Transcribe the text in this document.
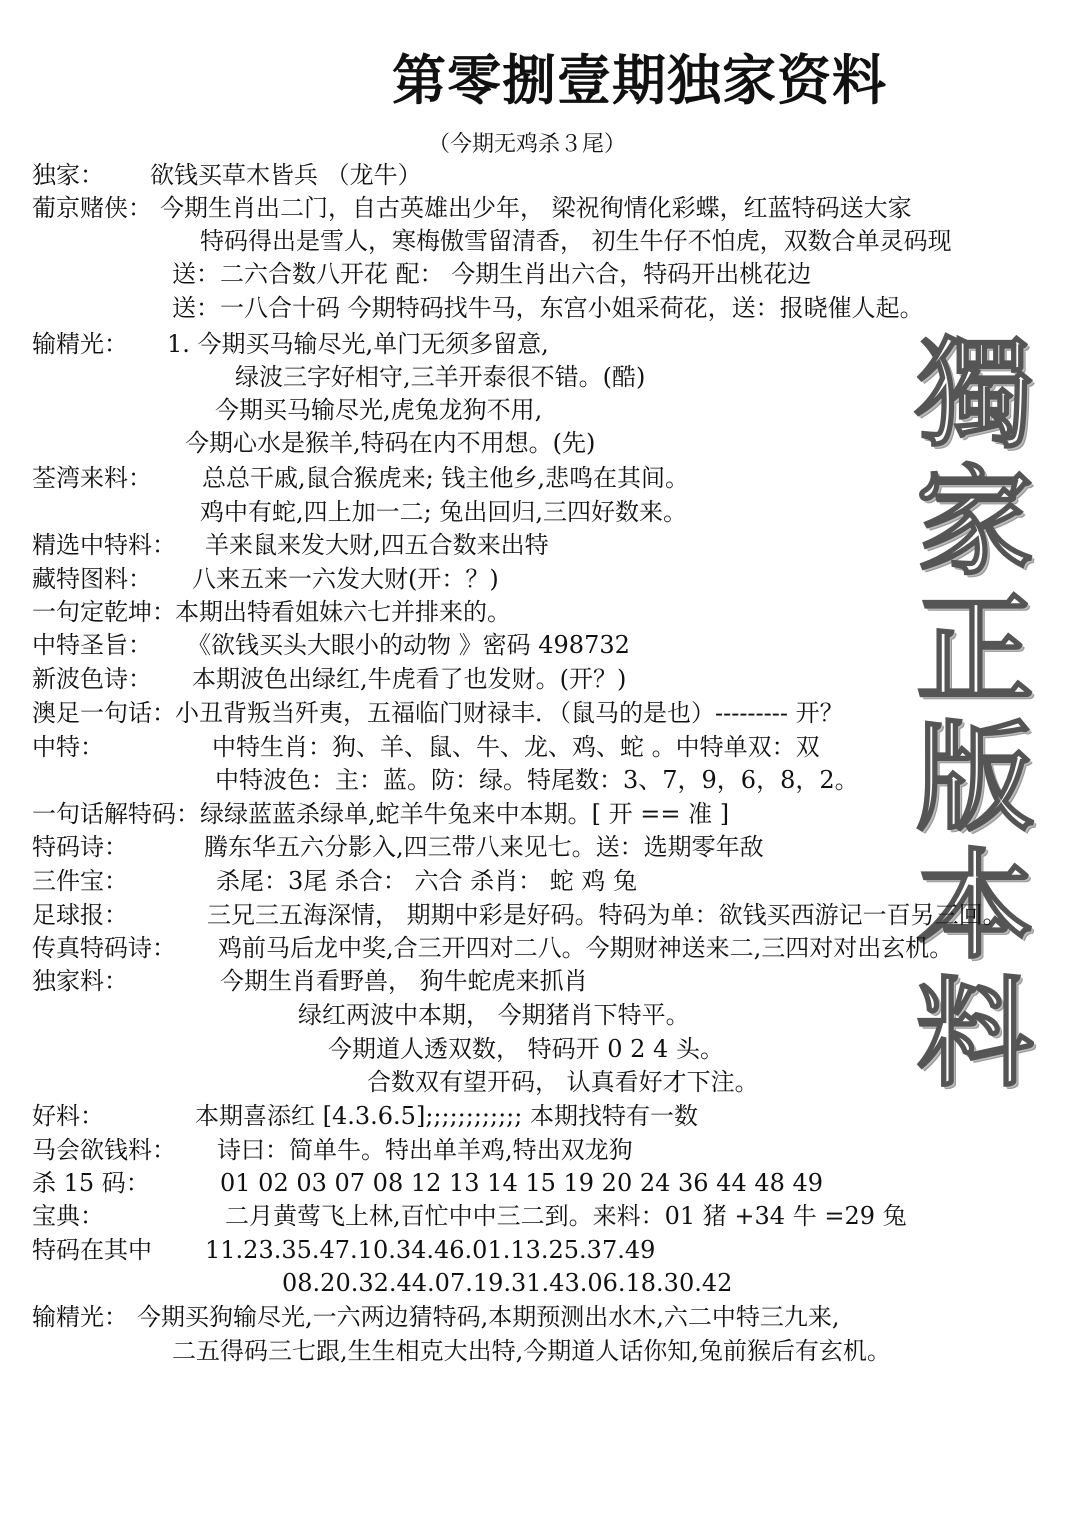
第零捌壹期独家资料
（今期无鸡杀３尾）
獨
家
正
版
本
料
独家： 欲钱买草木皆兵 （龙牛）
葡京赌侠： 今期生肖出二门，自古英雄出少年， 梁祝徇情化彩蝶，红蓝特码送大家
特码得出是雪人，寒梅傲雪留清香， 初生牛仔不怕虎，双数合单灵码现
送：二六合数八开花 配： 今期生肖出六合，特码开出桃花边
送：一八合十码 今期特码找牛马，东宫小姐采荷花，送：报晓催人起。
输精光： 1. 今期买马输尽光,单门无须多留意,
绿波三字好相守,三羊开泰很不错。(酷)
今期买马输尽光,虎兔龙狗不用,
今期心水是猴羊,特码在内不用想。(先)
荃湾来料： 总总干戚,鼠合猴虎来; 钱主他乡,悲鸣在其间。
鸡中有蛇,四上加一二; 兔出回归,三四好数来。
精选中特料： 羊来鼠来发大财,四五合数来出特
藏特图料： 八来五来一六发大财(开：？)
一句定乾坤： 本期出特看姐妹六七并排来的。
中特圣旨： 《欲钱买头大眼小的动物 》密码 498732
新波色诗： 本期波色出绿红,牛虎看了也发财。(开？)
澳足一句话： 小丑背叛当歼夷，五福临门财禄丰．（鼠马的是也）--------- 开？
中特：	中特生肖：狗、羊、鼠、牛、龙、鸡、蛇 。中特单双：双
中特波色：主：蓝。防：绿。特尾数：3、7，9，6，8，2。
一句话解特码： 绿绿蓝蓝杀绿单,蛇羊牛兔来中本期。[ 开 == 准 ]
特码诗：	腾东华五六分影入,四三带八来见七。送：选期零年敌
三件宝：	杀尾：3尾 杀合： 六合 杀肖： 蛇 鸡 兔
足球报：	三兄三五海深情， 期期中彩是好码。特码为单：欲钱买西游记一百另三回。
传真特码诗： 鸡前马后龙中奖,合三开四对二八。今期财神送来二,三四对对出玄机。
独家料：	今期生肖看野兽， 狗牛蛇虎来抓肖
绿红两波中本期， 今期猪肖下特平。
今期道人透双数， 特码开 0 2 4 头。
合数双有望开码， 认真看好才下注。
好料：	本期喜添红 [4.3.6.5];;;;;;;;;;;; 本期找特有一数
马会欲钱料： 诗曰：简单牛。特出单羊鸡,特出双龙狗
杀 15 码：	01 02 03 07 08 12 13 14 15 19 20 24 36 44 48 49
宝典：	二月黄莺飞上林,百忙中中三二到。来料：01 猪 +34 牛 =29 兔
特码在其中 11.23.35.47.10.34.46.01.13.25.37.49
08.20.32.44.07.19.31.43.06.18.30.42
输精光： 今期买狗输尽光,一六两边猜特码,本期预测出水木,六二中特三九来,
二五得码三七跟,生生相克大出特,今期道人话你知,兔前猴后有玄机。
